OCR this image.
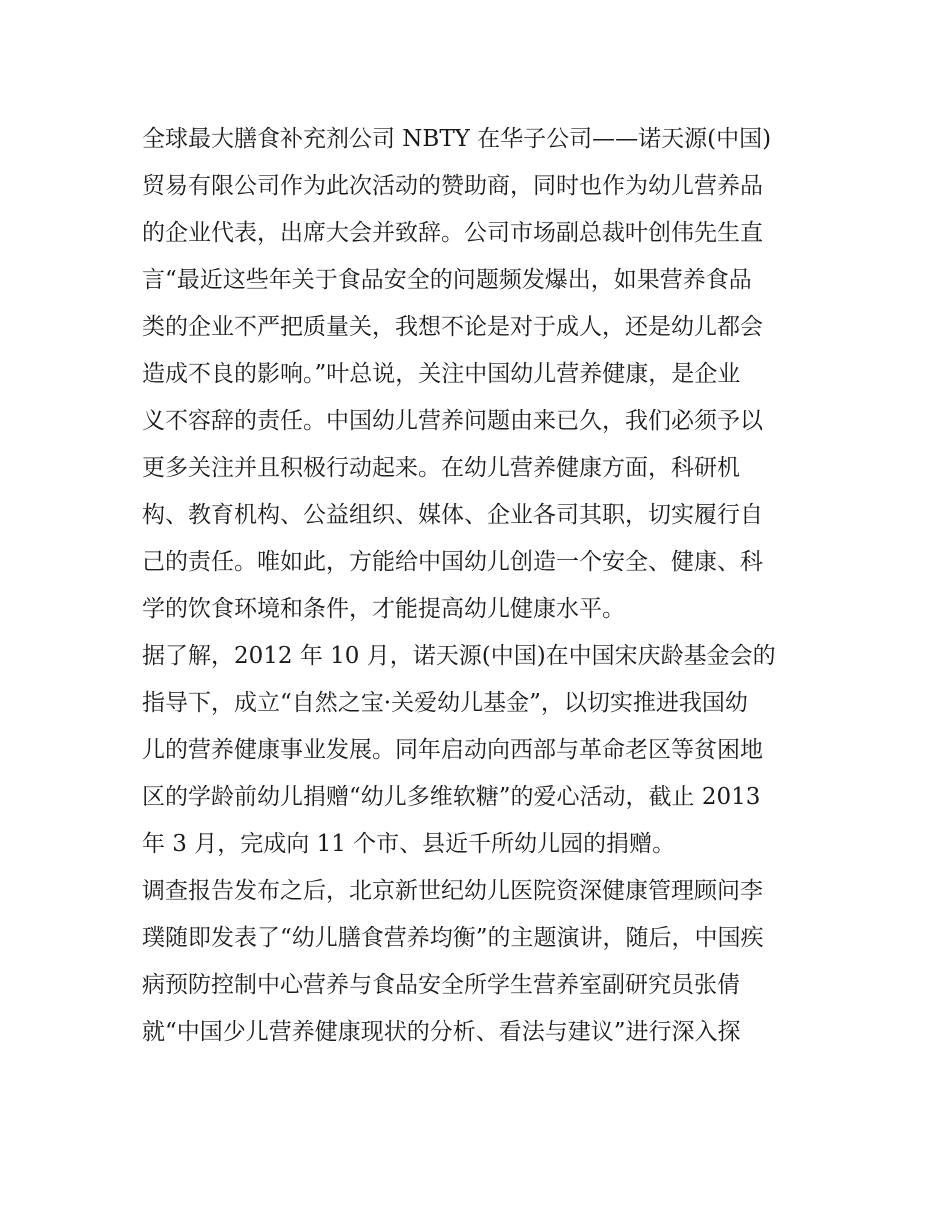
全球最大膳食补充剂公司 NBTY 在华子公司——诺天源(中国)
贸易有限公司作为此次活动的赞助商，同时也作为幼儿营养品
的企业代表，出席大会并致辞。公司市场副总裁叶创伟先生直
言“最近这些年关于食品安全的问题频发爆出，如果营养食品
类的企业不严把质量关，我想不论是对于成人，还是幼儿都会
造成不良的影响。”叶总说，关注中国幼儿营养健康，是企业
义不容辞的责任。中国幼儿营养问题由来已久，我们必须予以
更多关注并且积极行动起来。在幼儿营养健康方面，科研机
构、教育机构、公益组织、媒体、企业各司其职，切实履行自
己的责任。唯如此，方能给中国幼儿创造一个安全、健康、科
学的饮食环境和条件，才能提高幼儿健康水平。
据了解，2012 年 10 月，诺天源(中国)在中国宋庆龄基金会的
指导下，成立“自然之宝·关爱幼儿基金”，以切实推进我国幼
儿的营养健康事业发展。同年启动向西部与革命老区等贫困地
区的学龄前幼儿捐赠“幼儿多维软糖”的爱心活动，截止 2013
年 3 月，完成向 11 个市、县近千所幼儿园的捐赠。
调查报告发布之后，北京新世纪幼儿医院资深健康管理顾问李
璞随即发表了“幼儿膳食营养均衡”的主题演讲，随后，中国疾
病预防控制中心营养与食品安全所学生营养室副研究员张倩
就“中国少儿营养健康现状的分析、看法与建议”进行深入探
